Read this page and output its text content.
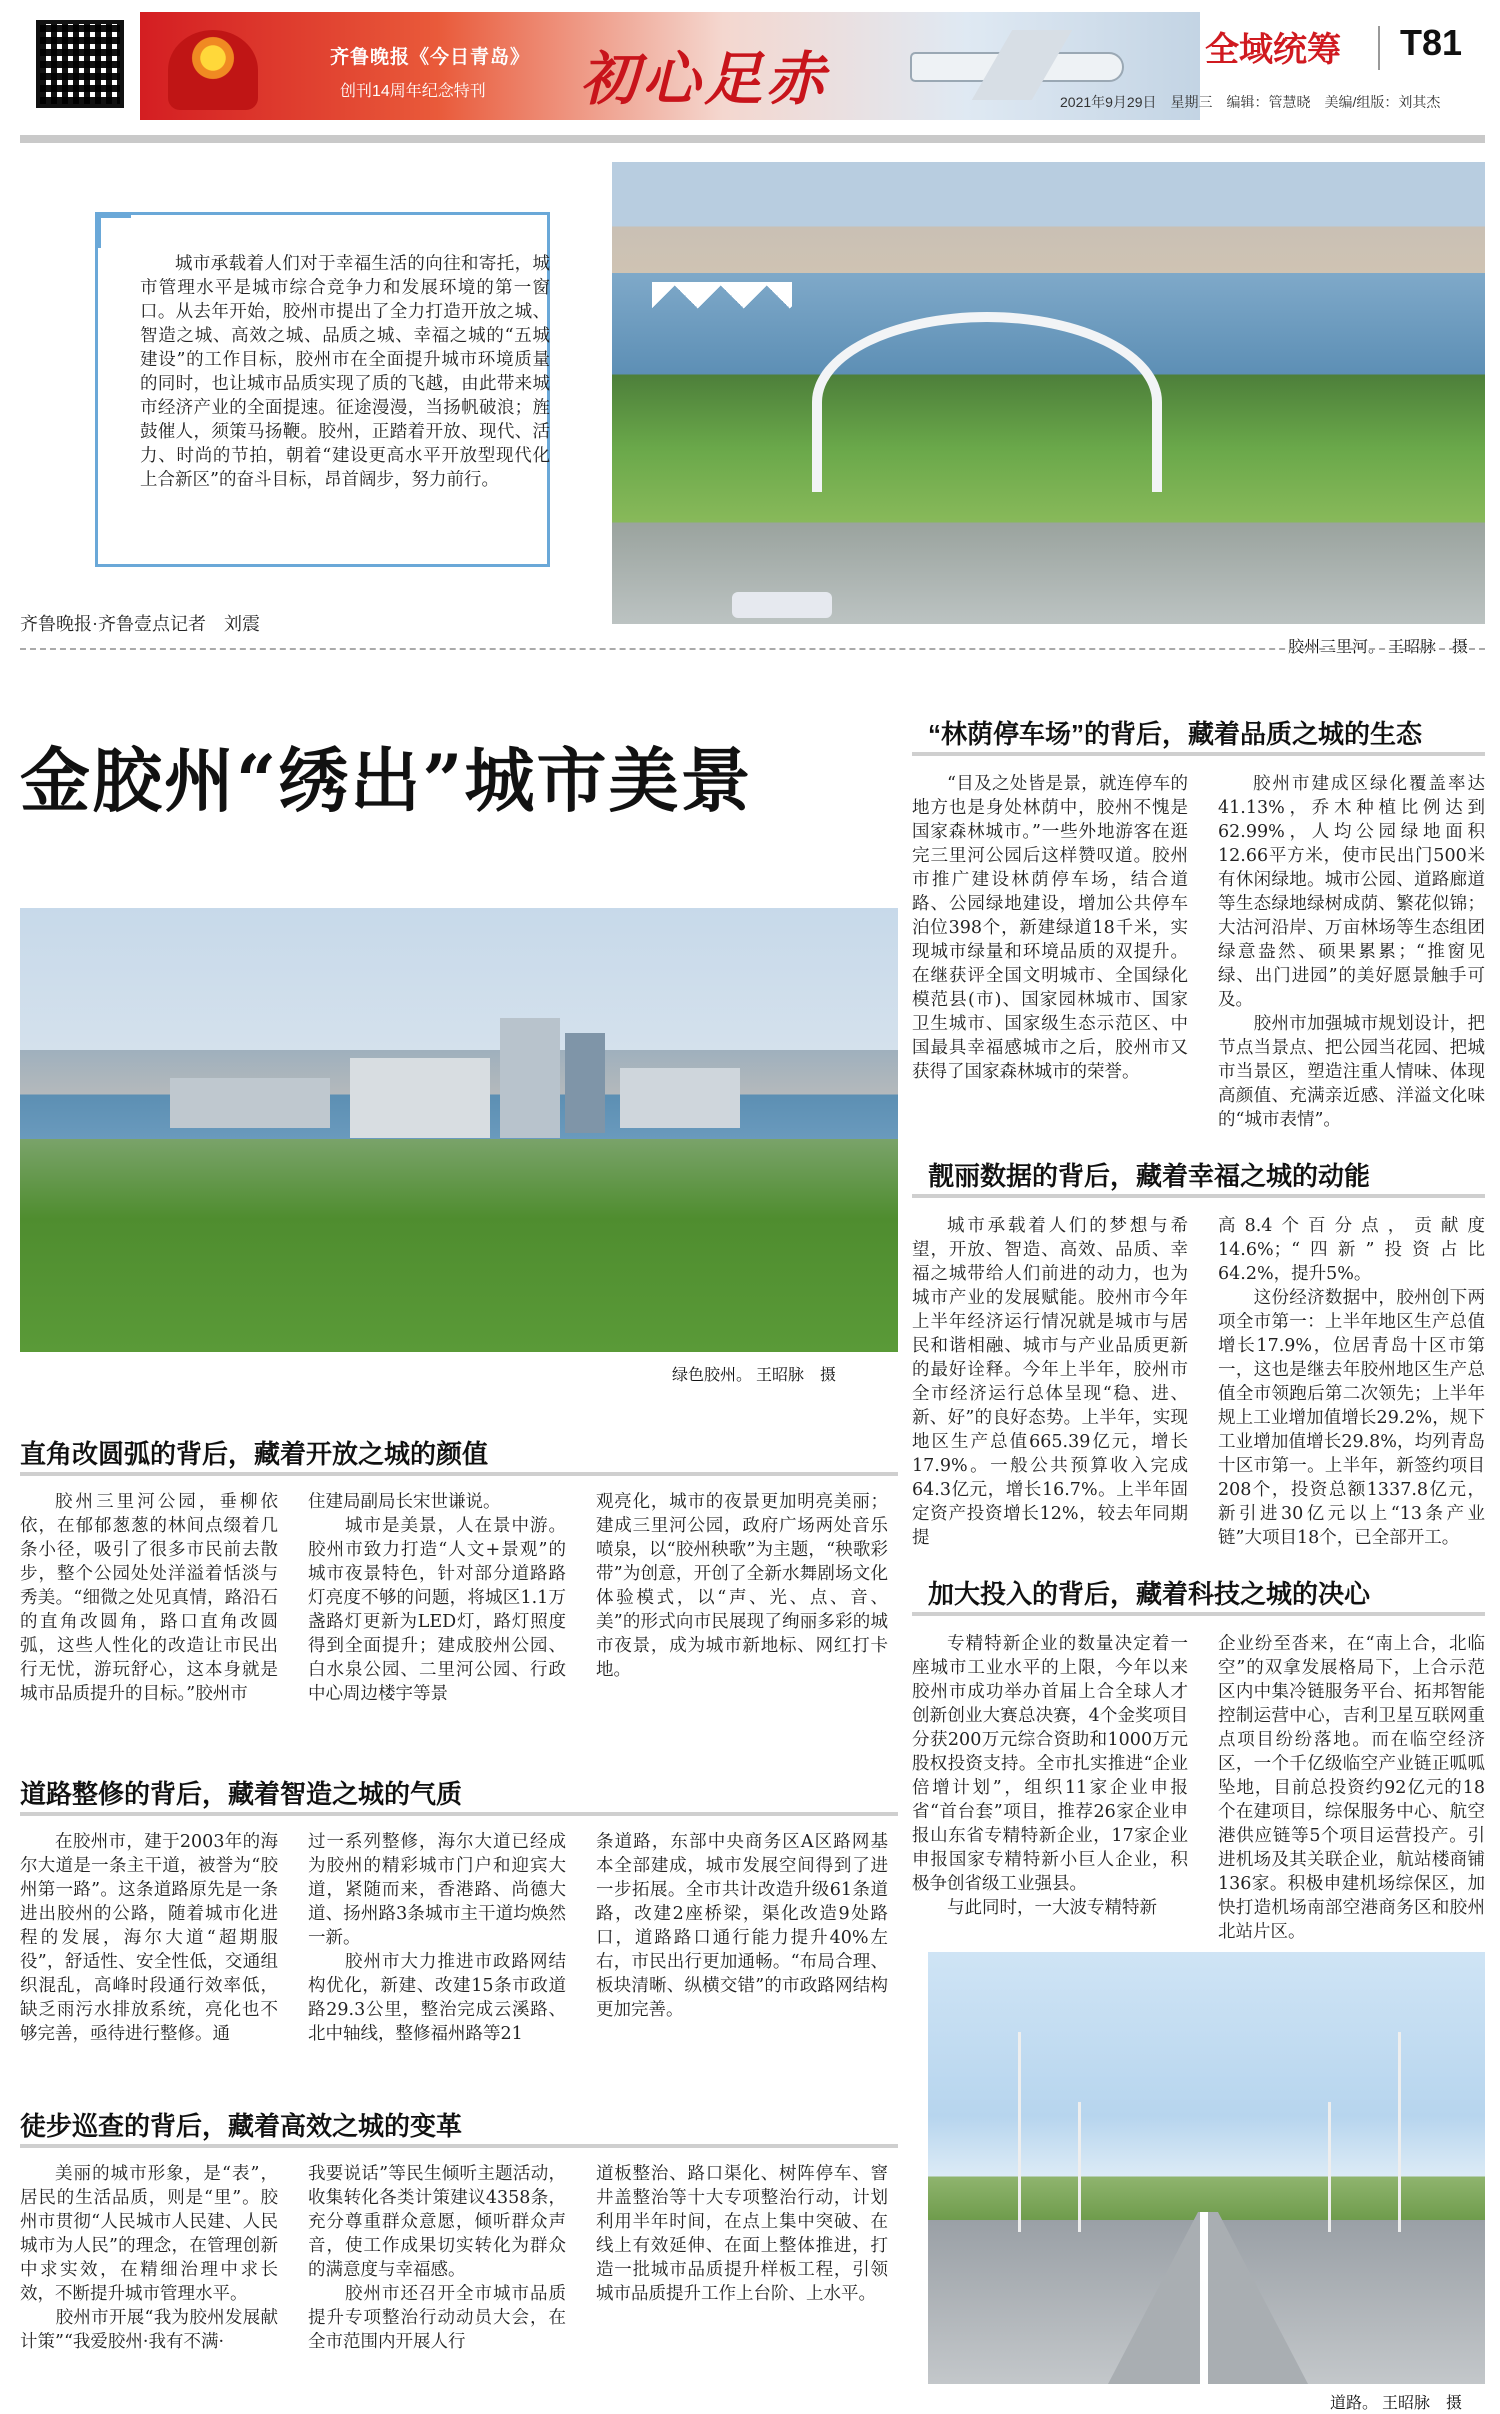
齐鲁晚报《今日青岛》
创刊14周年纪念特刊 初心足赤	2021年9月29日　星期三　编辑：管慧晓　美编/组版：刘其杰
全域统筹 T81
城市承载着人们对于幸福生活的向往和寄托，城市管理水平是城市综合竞争力和发展环境的第一窗口。从去年开始，胶州市提出了全力打造开放之城、智造之城、高效之城、品质之城、幸福之城的“五城建设”的工作目标，胶州市在全面提升城市环境质量的同时，也让城市品质实现了质的飞越，由此带来城市经济产业的全面提速。征途漫漫，当扬帆破浪；旌鼓催人，须策马扬鞭。胶州，正踏着开放、现代、活力、时尚的节拍，朝着“建设更高水平开放型现代化上合新区”的奋斗目标，昂首阔步，努力前行。
齐鲁晚报·齐鲁壹点记者　刘震
胶州三里河。 王昭脉　摄
金胶州“绣出”城市美景
绿色胶州。 王昭脉　摄
直角改圆弧的背后，藏着开放之城的颜值
胶州三里河公园，垂柳依依，在郁郁葱葱的林间点缀着几条小径，吸引了很多市民前去散步，整个公园处处洋溢着恬淡与秀美。“细微之处见真情，路沿石的直角改圆角，路口直角改圆弧，这些人性化的改造让市民出行无忧，游玩舒心，这本身就是城市品质提升的目标。”胶州市
住建局副局长宋世谦说。
　　城市是美景，人在景中游。胶州市致力打造“人文+景观”的城市夜景特色，针对部分道路路灯亮度不够的问题，将城区1.1万盏路灯更新为LED灯，路灯照度得到全面提升；建成胶州公园、白水泉公园、二里河公园、行政中心周边楼宇等景
观亮化，城市的夜景更加明亮美丽；建成三里河公园，政府广场两处音乐喷泉，以“胶州秧歌”为主题，“秧歌彩带”为创意，开创了全新水舞剧场文化体验模式，以“声、光、点、音、美”的形式向市民展现了绚丽多彩的城市夜景，成为城市新地标、网红打卡地。
道路整修的背后，藏着智造之城的气质
在胶州市，建于2003年的海尔大道是一条主干道，被誉为“胶州第一路”。这条道路原先是一条进出胶州的公路，随着城市化进程的发展，海尔大道“超期服役”，舒适性、安全性低，交通组织混乱，高峰时段通行效率低，缺乏雨污水排放系统，亮化也不够完善，亟待进行整修。通
过一系列整修，海尔大道已经成为胶州的精彩城市门户和迎宾大道，紧随而来，香港路、尚德大道、扬州路3条城市主干道均焕然一新。
　　胶州市大力推进市政路网结构优化，新建、改建15条市政道路29.3公里，整治完成云溪路、北中轴线，整修福州路等21
条道路，东部中央商务区A区路网基本全部建成，城市发展空间得到了进一步拓展。全市共计改造升级61条道路，改建2座桥梁，渠化改造9处路口，道路路口通行能力提升40%左右，市民出行更加通畅。“布局合理、板块清晰、纵横交错”的市政路网结构更加完善。
徒步巡查的背后，藏着高效之城的变革
美丽的城市形象，是“表”，居民的生活品质，则是“里”。胶州市贯彻“人民城市人民建、人民城市为人民”的理念，在管理创新中求实效，在精细治理中求长效，不断提升城市管理水平。
　　胶州市开展“我为胶州发展献计策”“我爱胶州·我有不满·
我要说话”等民生倾听主题活动，收集转化各类计策建议4358条，充分尊重群众意愿，倾听群众声音，使工作成果切实转化为群众的满意度与幸福感。
　　胶州市还召开全市城市品质提升专项整治行动动员大会，在全市范围内开展人行
道板整治、路口渠化、树阵停车、窨井盖整治等十大专项整治行动，计划利用半年时间，在点上集中突破、在线上有效延伸、在面上整体推进，打造一批城市品质提升样板工程，引领城市品质提升工作上台阶、上水平。
“林荫停车场”的背后，藏着品质之城的生态
“目及之处皆是景，就连停车的地方也是身处林荫中，胶州不愧是国家森林城市。”一些外地游客在逛完三里河公园后这样赞叹道。胶州市推广建设林荫停车场，结合道路、公园绿地建设，增加公共停车泊位398个，新建绿道18千米，实现城市绿量和环境品质的双提升。在继获评全国文明城市、全国绿化模范县(市)、国家园林城市、国家卫生城市、国家级生态示范区、中国最具幸福感城市之后，胶州市又获得了国家森林城市的荣誉。
胶州市建成区绿化覆盖率达41.13%，乔木种植比例达到62.99%，人均公园绿地面积12.66平方米，使市民出门500米有休闲绿地。城市公园、道路廊道等生态绿地绿树成荫、繁花似锦；大沽河沿岸、万亩林场等生态组团绿意盎然、硕果累累；“推窗见绿、出门进园”的美好愿景触手可及。
　　胶州市加强城市规划设计，把节点当景点、把公园当花园、把城市当景区，塑造注重人情味、体现高颜值、充满亲近感、洋溢文化味的“城市表情”。
靓丽数据的背后，藏着幸福之城的动能
城市承载着人们的梦想与希望，开放、智造、高效、品质、幸福之城带给人们前进的动力，也为城市产业的发展赋能。胶州市今年上半年经济运行情况就是城市与居民和谐相融、城市与产业品质更新的最好诠释。今年上半年，胶州市全市经济运行总体呈现“稳、进、新、好”的良好态势。上半年，实现地区生产总值665.39亿元，增长17.9%。一般公共预算收入完成64.3亿元，增长16.7%。上半年固定资产投资增长12%，较去年同期提
高8.4个百分点，贡献度14.6%；“四新”投资占比64.2%，提升5%。
　　这份经济数据中，胶州创下两项全市第一：上半年地区生产总值增长17.9%，位居青岛十区市第一，这也是继去年胶州地区生产总值全市领跑后第二次领先；上半年规上工业增加值增长29.2%，规下工业增加值增长29.8%，均列青岛十区市第一。上半年，新签约项目208个，投资总额1337.8亿元，新引进30亿元以上“13条产业链”大项目18个，已全部开工。
加大投入的背后，藏着科技之城的决心
专精特新企业的数量决定着一座城市工业水平的上限，今年以来胶州市成功举办首届上合全球人才创新创业大赛总决赛，4个金奖项目分获200万元综合资助和1000万元股权投资支持。全市扎实推进“企业倍增计划”，组织11家企业申报省“首台套”项目，推荐26家企业申报山东省专精特新企业，17家企业申报国家专精特新小巨人企业，积极争创省级工业强县。
　　与此同时，一大波专精特新
企业纷至沓来，在“南上合，北临空”的双拿发展格局下，上合示范区内中集冷链服务平台、拓邦智能控制运营中心，吉利卫星互联网重点项目纷纷落地。而在临空经济区，一个千亿级临空产业链正呱呱坠地，目前总投资约92亿元的18个在建项目，综保服务中心、航空港供应链等5个项目运营投产。引进机场及其关联企业，航站楼商铺136家。积极申建机场综保区，加快打造机场南部空港商务区和胶州北站片区。
道路。 王昭脉　摄
